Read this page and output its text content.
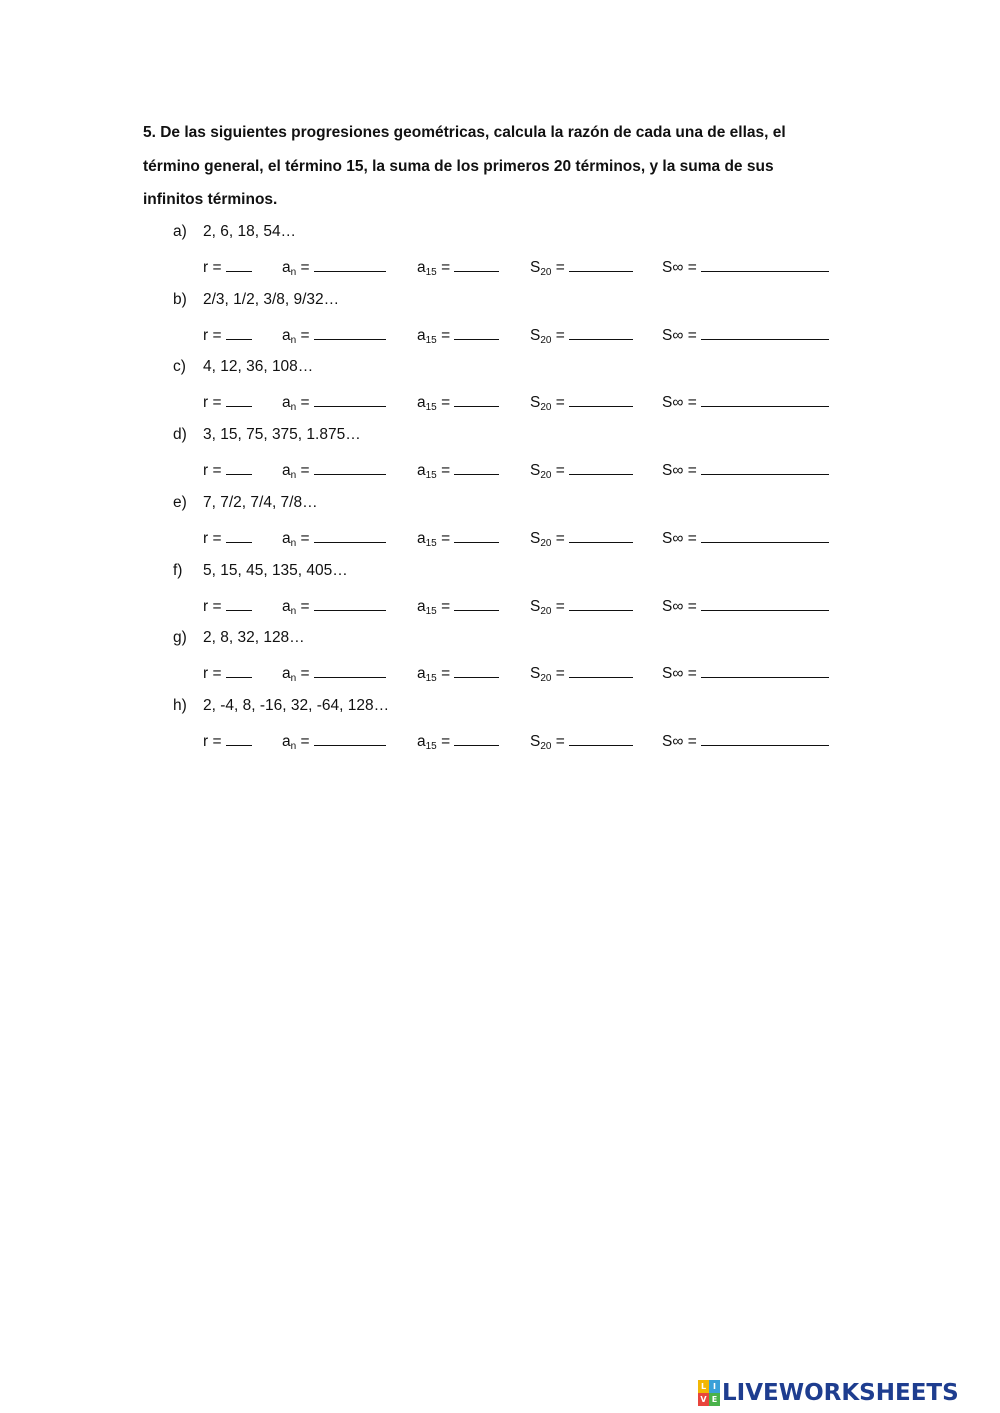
5. De las siguientes progresiones geométricas, calcula la razón de cada una de ellas, el
término general, el término 15, la suma de los primeros 20 términos, y la suma de sus
infinitos términos.
a) 2, 6, 18, 54…
r =	$a_n$ =	$a_{15}$ =	$S_{20}$ =	S∞ =
b) 2/3, 1/2, 3/8, 9/32…
r =	$a_n$ =	$a_{15}$ =	$S_{20}$ =	S∞ =
c) 4, 12, 36, 108…
r =	$a_n$ =	$a_{15}$ =	$S_{20}$ =	S∞ =
d) 3, 15, 75, 375, 1.875…
r =	$a_n$ =	$a_{15}$ =	$S_{20}$ =	S∞ =
e) 7, 7/2, 7/4, 7/8…
r =	$a_n$ =	$a_{15}$ =	$S_{20}$ =	S∞ =
f) 5, 15, 45, 135, 405…
r =	$a_n$ =	$a_{15}$ =	$S_{20}$ =	S∞ =
g) 2, 8, 32, 128…
r =	$a_n$ =	$a_{15}$ =	$S_{20}$ =	S∞ =
h) 2, -4, 8, -16, 32, -64, 128…
r =	$a_n$ =	$a_{15}$ =	$S_{20}$ =	S∞ =
L I
V E LIVEWORKSHEETS
